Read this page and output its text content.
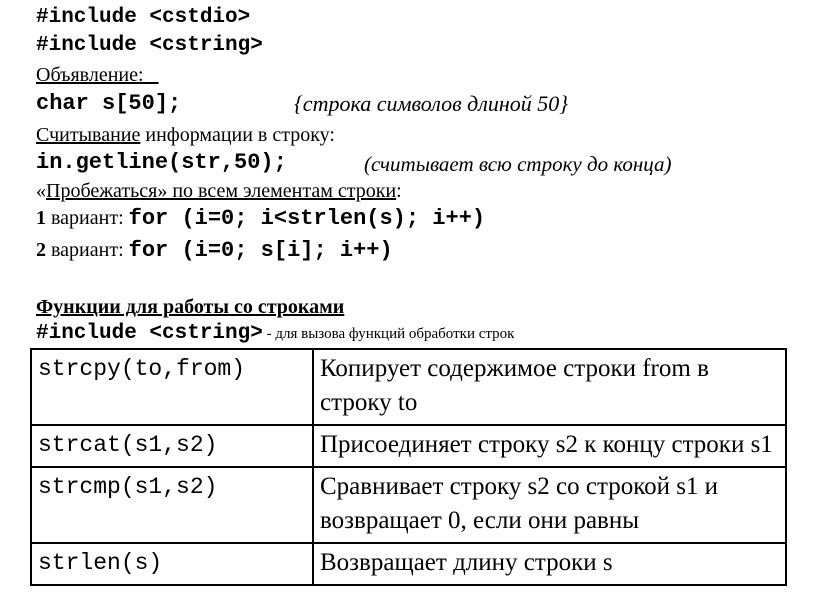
#include <cstdio>
#include <cstring>
Объявление:
char s[50];	{строка символов длиной 50}
Считывание информации в строку:
in.getline(str,50);	(считывает всю строку до конца)
«Пробежаться» по всем элементам строки:
1 вариант: for (i=0; i<strlen(s); i++)
2 вариант: for (i=0; s[i]; i++)
Функции для работы со строками
#include <cstring> - для вызова функций обработки строк
strcpy(to,from)	Копирует содержимое строки from в строку to
strcat(s1,s2)	Присоединяет строку s2 к концу строки s1
strcmp(s1,s2)	Сравнивает строку s2 со строкой s1 и возвращает 0, если они равны
strlen(s)	Возвращает длину строки s
